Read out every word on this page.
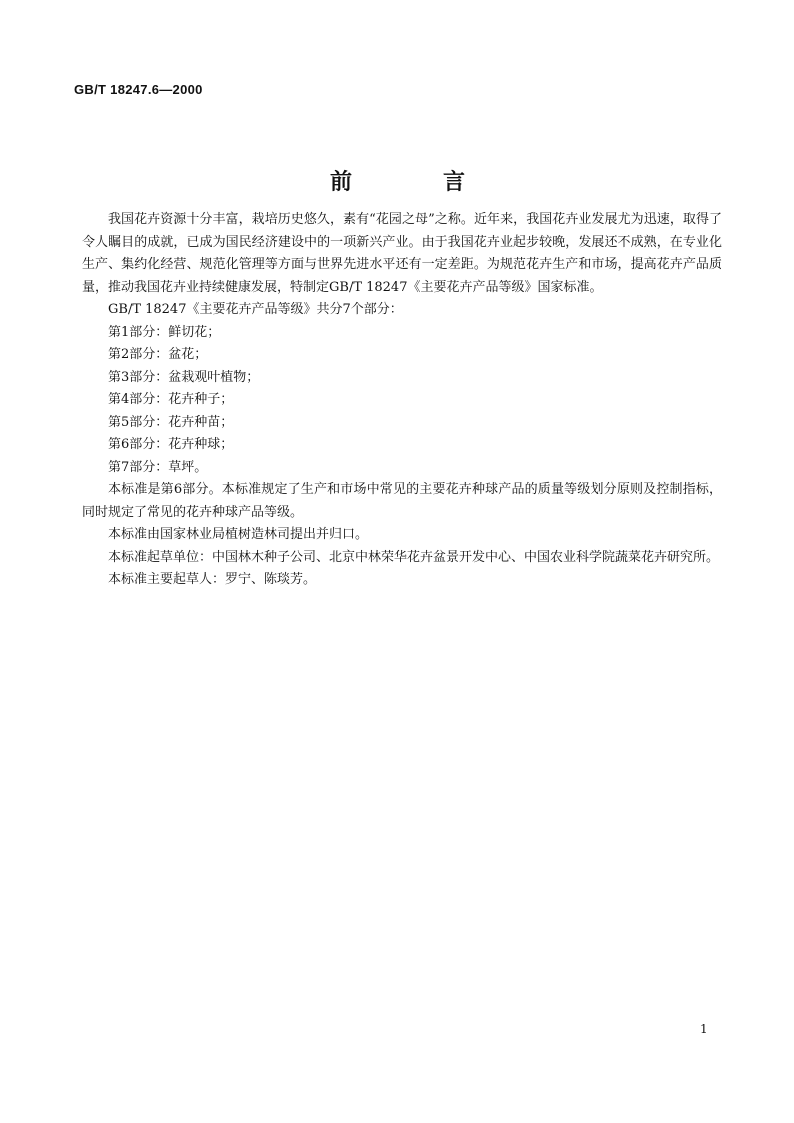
GB/T 18247.6—2000
前	言

我国花卉资源十分丰富，栽培历史悠久，素有“花园之母”之称。近年来，我国花卉业发展尤为迅速，取得了令人瞩目的成就，已成为国民经济建设中的一项新兴产业。由于我国花卉业起步较晚，发展还不成熟，在专业化生产、集约化经营、规范化管理等方面与世界先进水平还有一定差距。为规范花卉生产和市场，提高花卉产品质量，推动我国花卉业持续健康发展，特制定GB/T 18247《主要花卉产品等级》国家标准。

GB/T 18247《主要花卉产品等级》共分7个部分：

第1部分：鲜切花；

第2部分：盆花；

第3部分：盆栽观叶植物；

第4部分：花卉种子；

第5部分：花卉种苗；

第6部分：花卉种球；

第7部分：草坪。

本标准是第6部分。本标准规定了生产和市场中常见的主要花卉种球产品的质量等级划分原则及控制指标，同时规定了常见的花卉种球产品等级。

本标准由国家林业局植树造林司提出并归口。

本标准起草单位：中国林木种子公司、北京中林荣华花卉盆景开发中心、中国农业科学院蔬菜花卉研究所。

本标准主要起草人：罗宁、陈琰芳。

1
